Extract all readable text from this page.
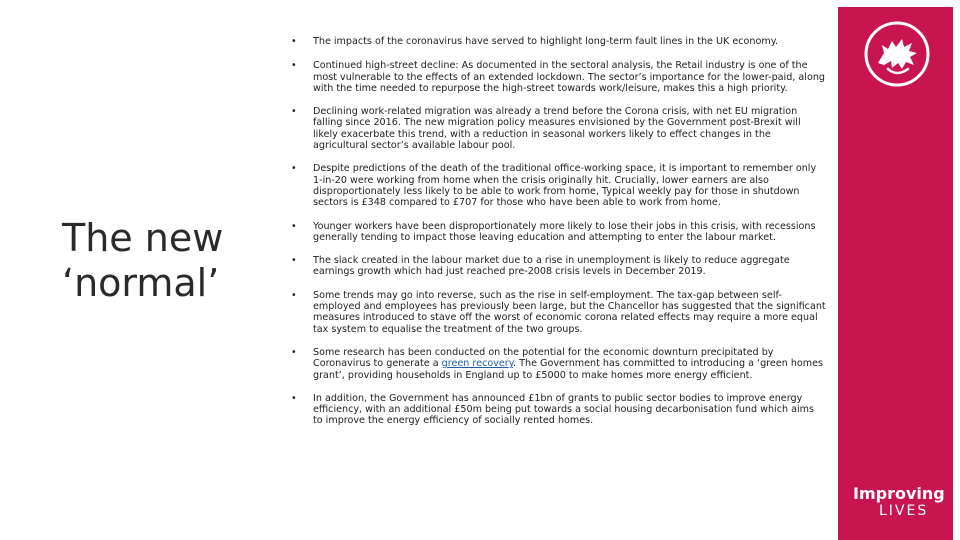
The new
‘normal’
• The impacts of the coronavirus have served to highlight long-term fault lines in the UK economy.
• Continued high-street decline: As documented in the sectoral analysis, the Retail industry is one of the most vulnerable to the effects of an extended lockdown. The sector’s importance for the lower-paid, along with the time needed to repurpose the high-street towards work/leisure, makes this a high priority.
• Declining work-related migration was already a trend before the Corona crisis, with net EU migration falling since 2016. The new migration policy measures envisioned by the Government post-Brexit will likely exacerbate this trend, with a reduction in seasonal workers likely to effect changes in the agricultural sector’s available labour pool.
• Despite predictions of the death of the traditional office-working space, it is important to remember only 1-in-20 were working from home when the crisis originally hit. Crucially, lower earners are also disproportionately less likely to be able to work from home, Typical weekly pay for those in shutdown sectors is £348 compared to £707 for those who have been able to work from home.
• Younger workers have been disproportionately more likely to lose their jobs in this crisis, with recessions generally tending to impact those leaving education and attempting to enter the labour market.
• The slack created in the labour market due to a rise in unemployment is likely to reduce aggregate earnings growth which had just reached pre-2008 crisis levels in December 2019.
• Some trends may go into reverse, such as the rise in self-employment. The tax-gap between self-employed and employees has previously been large, but the Chancellor has suggested that the significant measures introduced to stave off the worst of economic corona related effects may require a more equal tax system to equalise the treatment of the two groups.
• Some research has been conducted on the potential for the economic downturn precipitated by Coronavirus to generate a green recovery. The Government has committed to introducing a ‘green homes grant’, providing households in England up to £5000 to make homes more energy efficient.
• In addition, the Government has announced £1bn of grants to public sector bodies to improve energy efficiency, with an additional £50m being put towards a social housing decarbonisation fund which aims to improve the energy efficiency of socially rented homes.
Improving
LIVES
